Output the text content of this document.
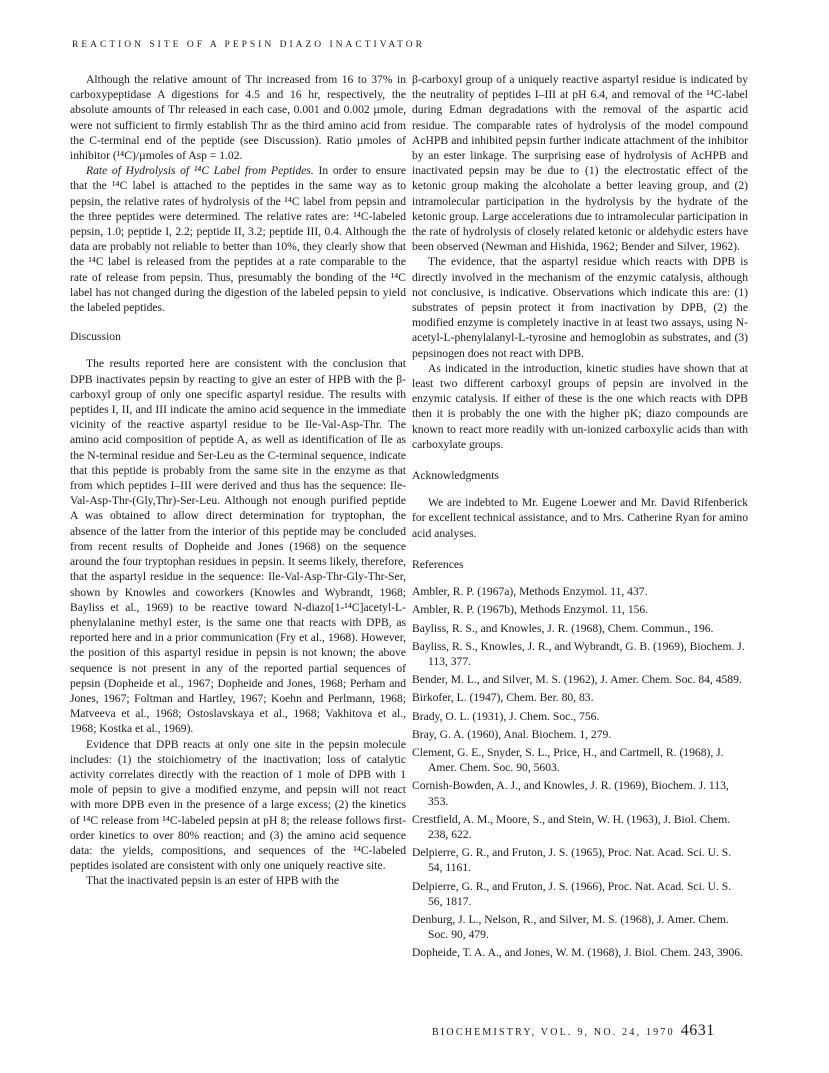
REACTION SITE OF A PEPSIN DIAZO INACTIVATOR

Although the relative amount of Thr increased from 16 to 37% in carboxypeptidase A digestions for 4.5 and 16 hr, respectively, the absolute amounts of Thr released in each case, 0.001 and 0.002 µmole, were not sufficient to firmly establish Thr as the third amino acid from the C-terminal end of the peptide (see Discussion). Ratio µmoles of inhibitor (¹⁴C)/µmoles of Asp = 1.02.

Rate of Hydrolysis of ¹⁴C Label from Peptides. In order to ensure that the ¹⁴C label is attached to the peptides in the same way as to pepsin, the relative rates of hydrolysis of the ¹⁴C label from pepsin and the three peptides were determined. The relative rates are: ¹⁴C-labeled pepsin, 1.0; peptide I, 2.2; peptide II, 3.2; peptide III, 0.4. Although the data are probably not reliable to better than 10%, they clearly show that the ¹⁴C label is released from the peptides at a rate comparable to the rate of release from pepsin. Thus, presumably the bonding of the ¹⁴C label has not changed during the digestion of the labeled pepsin to yield the labeled peptides.

Discussion

The results reported here are consistent with the conclusion that DPB inactivates pepsin by reacting to give an ester of HPB with the β-carboxyl group of only one specific aspartyl residue. The results with peptides I, II, and III indicate the amino acid sequence in the immediate vicinity of the reactive aspartyl residue to be Ile-Val-Asp-Thr. The amino acid composition of peptide A, as well as identification of Ile as the N-terminal residue and Ser-Leu as the C-terminal sequence, indicate that this peptide is probably from the same site in the enzyme as that from which peptides I–III were derived and thus has the sequence: Ile-Val-Asp-Thr-(Gly,Thr)-Ser-Leu. Although not enough purified peptide A was obtained to allow direct determination for tryptophan, the absence of the latter from the interior of this peptide may be concluded from recent results of Dopheide and Jones (1968) on the sequence around the four tryptophan residues in pepsin. It seems likely, therefore, that the aspartyl residue in the sequence: Ile-Val-Asp-Thr-Gly-Thr-Ser, shown by Knowles and coworkers (Knowles and Wybrandt, 1968; Bayliss et al., 1969) to be reactive toward N-diazo[1-¹⁴C]acetyl-L-phenylalanine methyl ester, is the same one that reacts with DPB, as reported here and in a prior communication (Fry et al., 1968). However, the position of this aspartyl residue in pepsin is not known; the above sequence is not present in any of the reported partial sequences of pepsin (Dopheide et al., 1967; Dopheide and Jones, 1968; Perham and Jones, 1967; Foltman and Hartley, 1967; Koehn and Perlmann, 1968; Matveeva et al., 1968; Ostoslavskaya et al., 1968; Vakhitova et al., 1968; Kostka et al., 1969).

Evidence that DPB reacts at only one site in the pepsin molecule includes: (1) the stoichiometry of the inactivation; loss of catalytic activity correlates directly with the reaction of 1 mole of DPB with 1 mole of pepsin to give a modified enzyme, and pepsin will not react with more DPB even in the presence of a large excess; (2) the kinetics of ¹⁴C release from ¹⁴C-labeled pepsin at pH 8; the release follows first-order kinetics to over 80% reaction; and (3) the amino acid sequence data: the yields, compositions, and sequences of the ¹⁴C-labeled peptides isolated are consistent with only one uniquely reactive site.

That the inactivated pepsin is an ester of HPB with the

β-carboxyl group of a uniquely reactive aspartyl residue is indicated by the neutrality of peptides I–III at pH 6.4, and removal of the ¹⁴C-label during Edman degradations with the removal of the aspartic acid residue. The comparable rates of hydrolysis of the model compound AcHPB and inhibited pepsin further indicate attachment of the inhibitor by an ester linkage. The surprising ease of hydrolysis of AcHPB and inactivated pepsin may be due to (1) the electrostatic effect of the ketonic group making the alcoholate a better leaving group, and (2) intramolecular participation in the hydrolysis by the hydrate of the ketonic group. Large accelerations due to intramolecular participation in the rate of hydrolysis of closely related ketonic or aldehydic esters have been observed (Newman and Hishida, 1962; Bender and Silver, 1962).

The evidence, that the aspartyl residue which reacts with DPB is directly involved in the mechanism of the enzymic catalysis, although not conclusive, is indicative. Observations which indicate this are: (1) substrates of pepsin protect it from inactivation by DPB, (2) the modified enzyme is completely inactive in at least two assays, using N-acetyl-L-phenylalanyl-L-tyrosine and hemoglobin as substrates, and (3) pepsinogen does not react with DPB.

As indicated in the introduction, kinetic studies have shown that at least two different carboxyl groups of pepsin are involved in the enzymic catalysis. If either of these is the one which reacts with DPB then it is probably the one with the higher pK; diazo compounds are known to react more readily with un-ionized carboxylic acids than with carboxylate groups.

Acknowledgments

We are indebted to Mr. Eugene Loewer and Mr. David Rifenberick for excellent technical assistance, and to Mrs. Catherine Ryan for amino acid analyses.

References

Ambler, R. P. (1967a), Methods Enzymol. 11, 437.

Ambler, R. P. (1967b), Methods Enzymol. 11, 156.

Bayliss, R. S., and Knowles, J. R. (1968), Chem. Commun., 196.

Bayliss, R. S., Knowles, J. R., and Wybrandt, G. B. (1969), Biochem. J. 113, 377.

Bender, M. L., and Silver, M. S. (1962), J. Amer. Chem. Soc. 84, 4589.

Birkofer, L. (1947), Chem. Ber. 80, 83.

Brady, O. L. (1931), J. Chem. Soc., 756.

Bray, G. A. (1960), Anal. Biochem. 1, 279.

Clement, G. E., Snyder, S. L., Price, H., and Cartmell, R. (1968), J. Amer. Chem. Soc. 90, 5603.

Cornish-Bowden, A. J., and Knowles, J. R. (1969), Biochem. J. 113, 353.

Crestfield, A. M., Moore, S., and Stein, W. H. (1963), J. Biol. Chem. 238, 622.

Delpierre, G. R., and Fruton, J. S. (1965), Proc. Nat. Acad. Sci. U. S. 54, 1161.

Delpierre, G. R., and Fruton, J. S. (1966), Proc. Nat. Acad. Sci. U. S. 56, 1817.

Denburg, J. L., Nelson, R., and Silver, M. S. (1968), J. Amer. Chem. Soc. 90, 479.

Dopheide, T. A. A., and Jones, W. M. (1968), J. Biol. Chem. 243, 3906.

BIOCHEMISTRY, VOL. 9, NO. 24, 1970 4631
